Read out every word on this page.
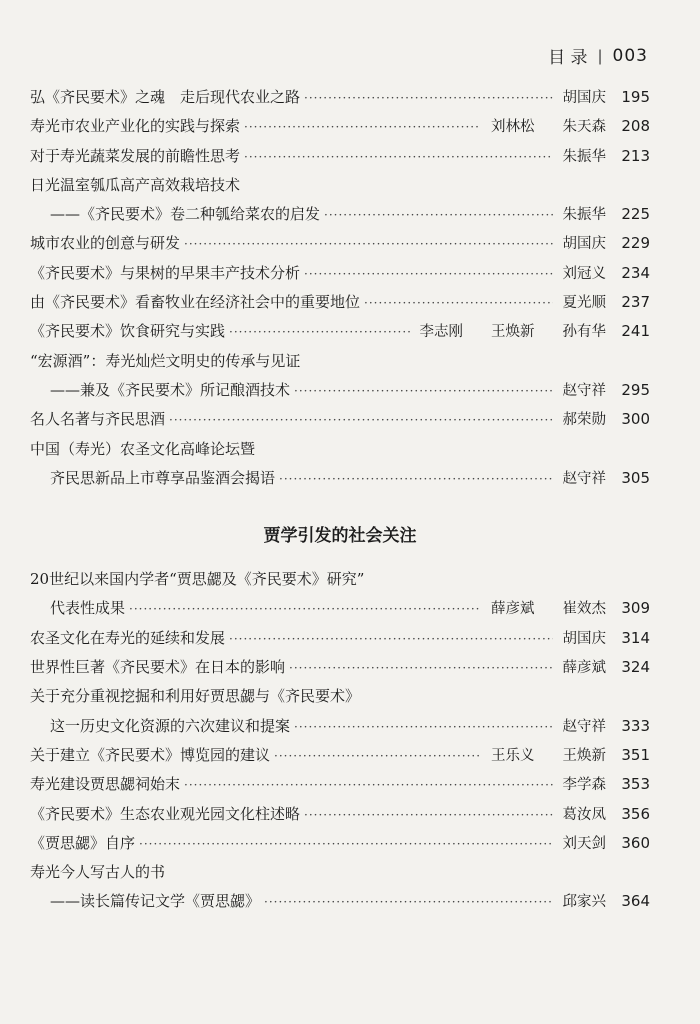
目 录 | 003
弘《齐民要术》之魂　走后现代农业之路 ·····	胡国庆	195
寿光市农业产业化的实践与探索 ·····	刘林松 朱天森	208
对于寿光蔬菜发展的前瞻性思考 ·····	朱振华	213
日光温室瓠瓜高产高效栽培技术
——《齐民要术》卷二种瓠给菜农的启发 ·····	朱振华	225
城市农业的创意与研发 ·····	胡国庆	229
《齐民要术》与果树的早果丰产技术分析 ·····	刘冠义	234
由《齐民要术》看畜牧业在经济社会中的重要地位 ·····	夏光顺	237
《齐民要术》饮食研究与实践 ·····	李志刚 王焕新 孙有华	241
“宏源酒”：寿光灿烂文明史的传承与见证
——兼及《齐民要术》所记酿酒技术 ·····	赵守祥	295
名人名著与齐民思酒 ·····	郝荣勋	300
中国（寿光）农圣文化高峰论坛暨
齐民思新品上市尊享品鉴酒会揭语 ·····	赵守祥	305
贾学引发的社会关注
20世纪以来国内学者“贾思勰及《齐民要术》研究”
代表性成果 ·····	薛彦斌 崔效杰	309
农圣文化在寿光的延续和发展 ·····	胡国庆	314
世界性巨著《齐民要术》在日本的影响 ·····	薛彦斌	324
关于充分重视挖掘和利用好贾思勰与《齐民要术》
这一历史文化资源的六次建议和提案 ·····	赵守祥	333
关于建立《齐民要术》博览园的建议 ·····	王乐义 王焕新	351
寿光建设贾思勰祠始末 ·····	李学森	353
《齐民要术》生态农业观光园文化柱述略 ·····	葛汝凤	356
《贾思勰》自序 ·····	刘天剑	360
寿光今人写古人的书
——读长篇传记文学《贾思勰》 ·····	邱家兴	364
